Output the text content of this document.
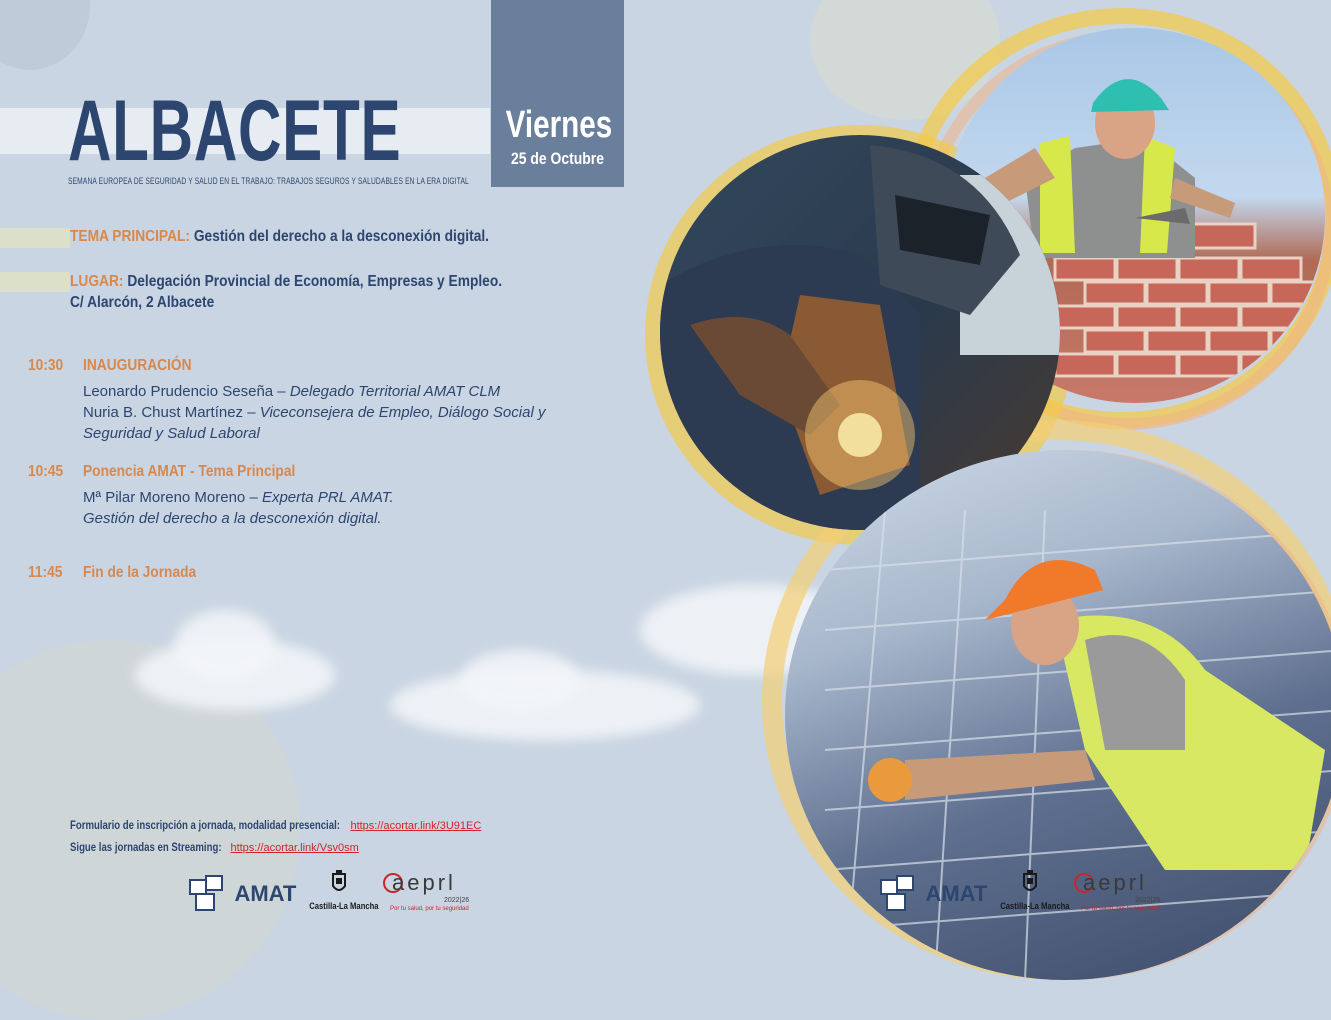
ALBACETE
SEMANA EUROPEA DE SEGURIDAD Y SALUD EN EL TRABAJO: TRABAJOS SEGUROS Y SALUDABLES EN LA ERA DIGITAL
Viernes
25 de Octubre
TEMA PRINCIPAL: Gestión del derecho a la desconexión digital.
LUGAR: Delegación Provincial de Economía, Empresas y Empleo.
C/ Alarcón, 2 Albacete
10:30 INAUGURACIÓN
Leonardo Prudencio Seseña – Delegado Territorial AMAT CLM
Nuria B. Chust Martínez – Viceconsejera de Empleo, Diálogo Social y
Seguridad y Salud Laboral
10:45 Ponencia AMAT - Tema Principal
Mª Pilar Moreno Moreno – Experta PRL AMAT.
Gestión del derecho a la desconexión digital.
11:45 Fin de la Jornada
Formulario de inscripción a jornada, modalidad presencial: https://acortar.link/3U91EC
Sigue las jornadas en Streaming: https://acortar.link/Vsv0sm
AMAT Castilla-La Mancha
aeprl
2022|26
Por tu salud, por tu seguridad
AMAT Castilla-La Mancha
aeprl
2022|26
Por tu salud, por tu seguridad
